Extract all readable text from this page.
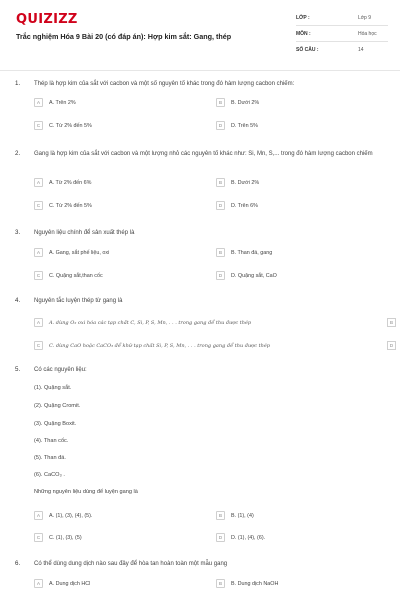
QUIZIZZ
Trắc nghiệm Hóa 9 Bài 20 (có đáp án): Hợp kim sắt: Gang, thép
LỚP :	Lớp 9
MÔN :	Hóa học
SỐ CÂU :	14
1. Thép là hợp kim của sắt với cacbon và một số nguyên tố khác trong đó hàm lượng cacbon chiếm:
A	A. Trên 2%	B	B. Dưới 2%
C	C. Từ 2% đến 5%	D	D. Trên 5%
2. Gang là hợp kim của sắt với cacbon và một lượng nhỏ các nguyên tố khác như: Si, Mn, S,... trong đó hàm lượng cacbon chiếm
A	A. Từ 2% đến 6%	B	B. Dưới 2%
C	C. Từ 2% đến 5%	D	D. Trên 6%
3. Nguyên liệu chính để sản xuất thép là
A	A. Gang, sắt phế liệu, oxi	B	B. Than đá, gang
C	C. Quặng sắt,than cốc	D	D. Quặng sắt, CaO
4. Nguyên tắc luyện thép từ gang là
A	A. dùng O₂ oxi hóa các tạp chất C, Si, P, S, Mn, . . . trong gang để thu được thép	B
C	C. dùng CaO hoặc CaCO₃ để khử tạp chất Si, P, S, Mn, . . . trong gang để thu được thép	D
5. Có các nguyên liệu:
(1). Quặng sắt.
(2). Quặng Cromit.
(3). Quặng Boxit.
(4). Than cốc.
(5). Than đá.
(6). CaCO₃ .
Những nguyên liệu dùng để luyện gang là
A	A. (1), (3), (4), (5).	B	B. (1), (4)
C	C. (1), (3), (5)	D	D. (1), (4), (6).
6. Có thể dùng dung dịch nào sau đây để hòa tan hoàn toàn một mẫu gang
A	A. Dung dịch HCl	B	B. Dung dịch NaOH
